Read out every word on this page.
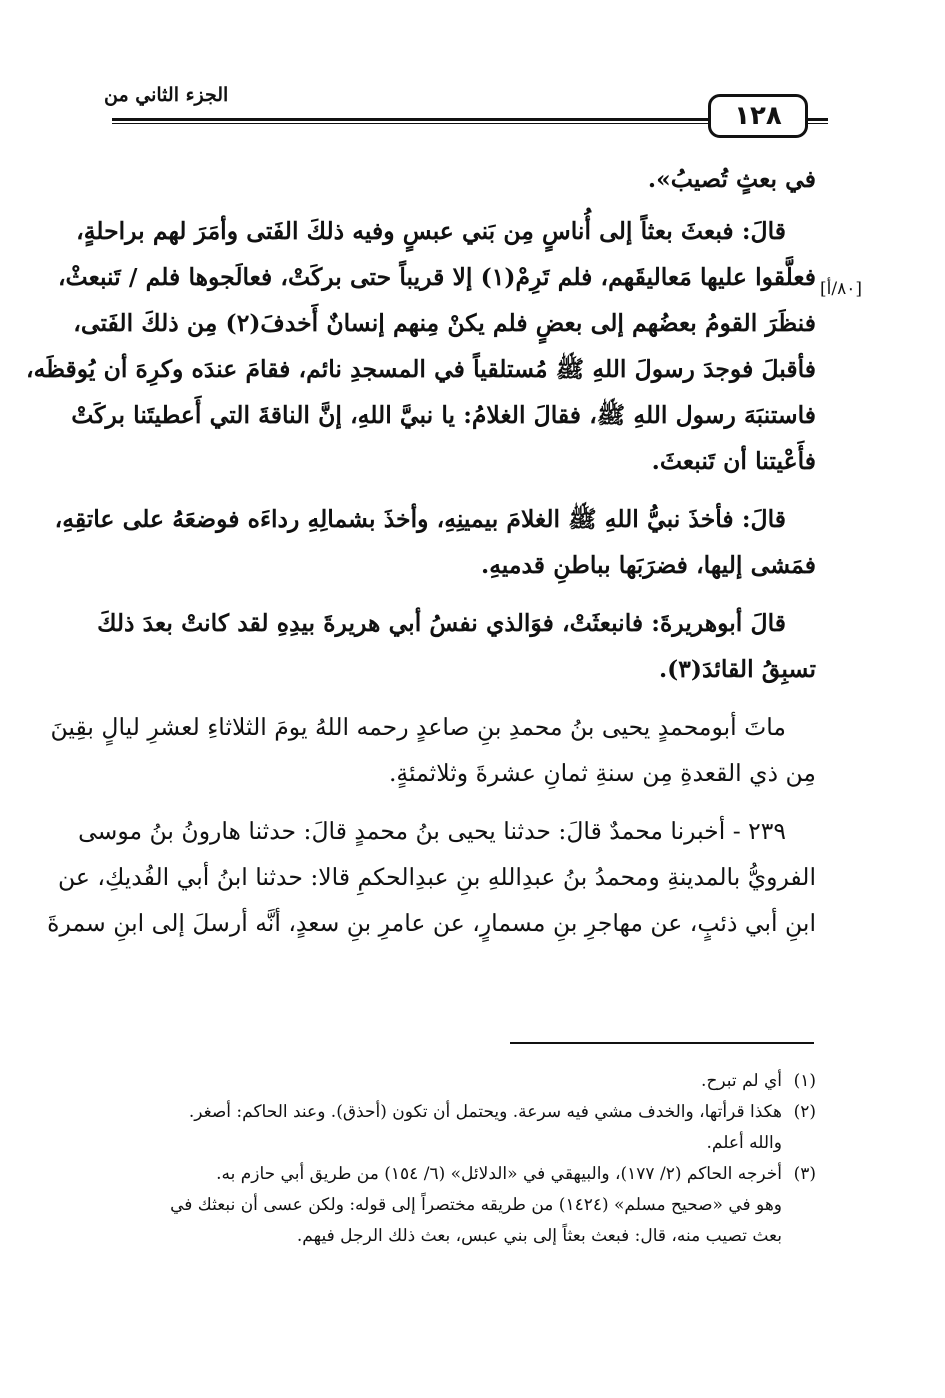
١٢٨
الجزء الثاني من
[٨٠/أ]

في بعثٍ تُصيبُ».

قالَ: فبعثَ بعثاً إلى أُناسٍ مِن بَني عبسٍ وفيه ذلكَ الفَتى وأمَرَ لهم براحلةٍ،
فعلَّقوا عليها مَعاليقَهم، فلم تَرِمْ(١) إلا قريباً حتى بركَتْ، فعالَجوها فلم / تَنبعثْ،
فنظَرَ القومُ بعضُهم إلى بعضٍ فلم يكنْ مِنهم إنسانٌ أَخدفَ(٢) مِن ذلكَ الفَتى،
فأقبلَ فوجدَ رسولَ اللهِ ﷺ مُستلقياً في المسجدِ نائم، فقامَ عندَه وكرِهَ أن يُوقظَه،
فاستنبَهَ رسول اللهِ ﷺ، فقالَ الغلامُ: يا نبيَّ اللهِ، إنَّ الناقةَ التي أَعطيتَنا بركَتْ
فأَعْيتنا أن تَنبعثَ.

قالَ: فأخذَ نبيُّ اللهِ ﷺ الغلامَ بيمينِهِ، وأخذَ بشمالِهِ رداءَه فوضعَهُ على عاتقِهِ،
فمَشى إليها، فضرَبَها بباطنِ قدميهِ.

قالَ أبوهريرةَ: فانبعثَتْ، فوَالذي نفسُ أبي هريرةَ بيدِهِ لقد كانتْ بعدَ ذلكَ
تسبِقُ القائدَ(٣).

ماتَ أبومحمدٍ يحيى بنُ محمدِ بنِ صاعدٍ رحمه اللهُ يومَ الثلاثاءِ لعشرِ ليالٍ بقِينَ
مِن ذي القعدةِ مِن سنةِ ثمانِ عشرةَ وثلاثمئةٍ.

٢٣٩ - أخبرنا محمدٌ قالَ: حدثنا يحيى بنُ محمدٍ قالَ: حدثنا هارونُ بنُ موسى
الفرويُّ بالمدينةِ ومحمدُ بنُ عبدِاللهِ بنِ عبدِالحكمِ قالا: حدثنا ابنُ أبي الفُديكِ، عن
ابنِ أبي ذئبٍ، عن مهاجرِ بنِ مسمارٍ، عن عامرِ بنِ سعدٍ، أنَّه أرسلَ إلى ابنِ سمرةَ

(١)
أي لم تبرح.
(٢)
هكذا قرأتها، والخدف مشي فيه سرعة. ويحتمل أن تكون (أحذق). وعند الحاكم: أصغر.
والله أعلم.
(٣)
أخرجه الحاكم (٢/ ١٧٧)، والبيهقي في «الدلائل» (٦/ ١٥٤) من طريق أبي حازم به.
وهو في «صحيح مسلم» (١٤٢٤) من طريقه مختصراً إلى قوله: ولكن عسى أن نبعثك في
بعث تصيب منه، قال: فبعث بعثاً إلى بني عبس، بعث ذلك الرجل فيهم.
